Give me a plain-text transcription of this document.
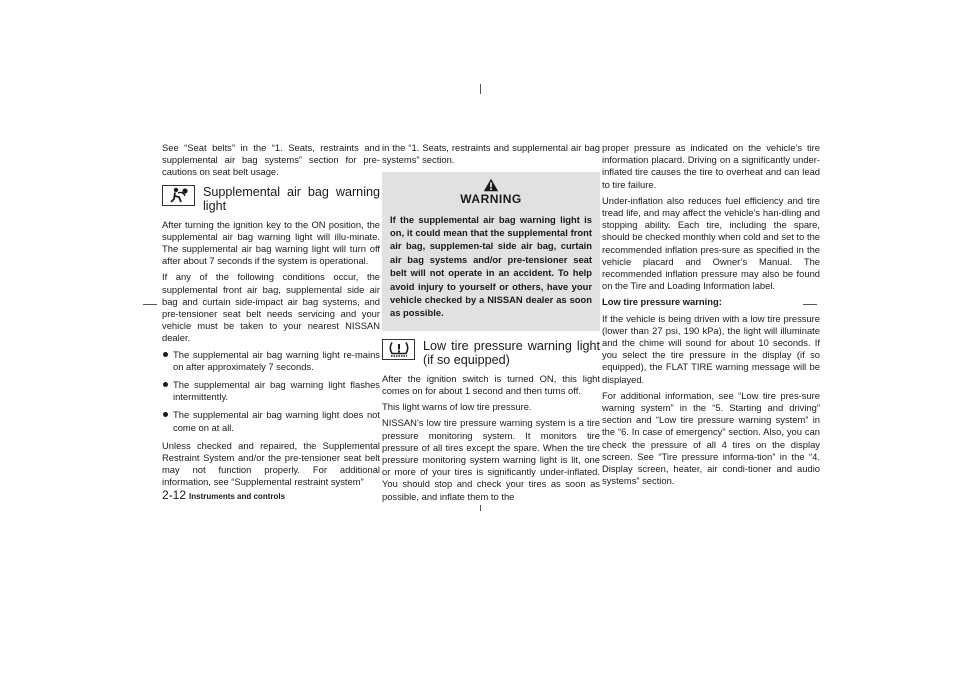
See “Seat belts” in the “1. Seats, restraints and supplemental air bag systems” section for pre-cautions on seat belt usage.

Supplemental air bag warning light

After turning the ignition key to the ON position, the supplemental air bag warning light will illu-minate. The supplemental air bag warning light will turn off after about 7 seconds if the system is operational.

If any of the following conditions occur, the supplemental front air bag, supplemental side air bag and curtain side-impact air bag systems, and pre-tensioner seat belt needs servicing and your vehicle must be taken to your nearest NISSAN dealer.

The supplemental air bag warning light re-mains on after approximately 7 seconds.
The supplemental air bag warning light flashes intermittently.
The supplemental air bag warning light does not come on at all.

Unless checked and repaired, the Supplemental Restraint System and/or the pre-tensioner seat belt may not function properly. For additional information, see “Supplemental restraint system”

in the “1. Seats, restraints and supplemental air bag systems” section.

WARNING

If the supplemental air bag warning light is on, it could mean that the supplemental front air bag, supplemen-tal side air bag, curtain air bag systems and/or pre-tensioner seat belt will not operate in an accident. To help avoid injury to yourself or others, have your vehicle checked by a NISSAN dealer as soon as possible.

Low tire pressure warning light (if so equipped)

After the ignition switch is turned ON, this light comes on for about 1 second and then turns off.

This light warns of low tire pressure.

NISSAN’s low tire pressure warning system is a tire pressure monitoring system. It monitors tire pressure of all tires except the spare. When the tire pressure monitoring system warning light is lit, one or more of your tires is significantly under-inflated. You should stop and check your tires as soon as possible, and inflate them to the

proper pressure as indicated on the vehicle’s tire information placard. Driving on a significantly under-inflated tire causes the tire to overheat and can lead to tire failure.

Under-inflation also reduces fuel efficiency and tire tread life, and may affect the vehicle’s han-dling and stopping ability. Each tire, including the spare, should be checked monthly when cold and set to the recommended inflation pres-sure as specified in the vehicle placard and Owner’s Manual. The recommended inflation pressure may also be found on the Tire and Loading Information label.

Low tire pressure warning:

If the vehicle is being driven with a low tire pressure (lower than 27 psi, 190 kPa), the light will illuminate and the chime will sound for about 10 seconds. If you select the tire pressure in the display (if so equipped), the FLAT TIRE warning message will be displayed.

For additional information, see “Low tire pres-sure warning system” in the “5. Starting and driving” section and “Low tire pressure warning system” in the “6. In case of emergency” section. Also, you can check the pressure of all 4 tires on the display screen. See “Tire pressure informa-tion” in the “4. Display screen, heater, air condi-tioner and audio systems” section.

2-12 Instruments and controls
